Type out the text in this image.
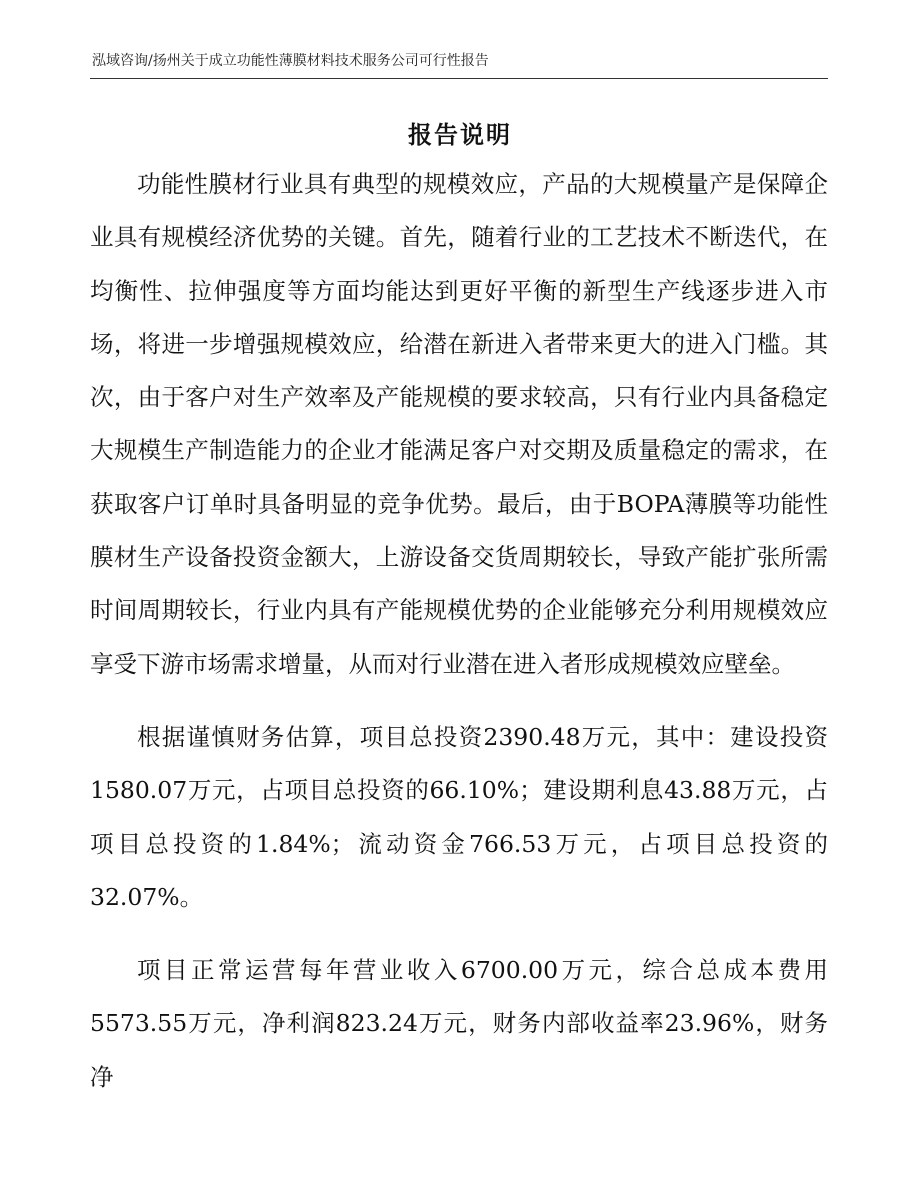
泓域咨询/扬州关于成立功能性薄膜材料技术服务公司可行性报告
报告说明

功能性膜材行业具有典型的规模效应，产品的大规模量产是保障企业具有规模经济优势的关键。首先，随着行业的工艺技术不断迭代，在均衡性、拉伸强度等方面均能达到更好平衡的新型生产线逐步进入市场，将进一步增强规模效应，给潜在新进入者带来更大的进入门槛。其次，由于客户对生产效率及产能规模的要求较高，只有行业内具备稳定大规模生产制造能力的企业才能满足客户对交期及质量稳定的需求，在获取客户订单时具备明显的竞争优势。最后，由于BOPA薄膜等功能性膜材生产设备投资金额大，上游设备交货周期较长，导致产能扩张所需时间周期较长，行业内具有产能规模优势的企业能够充分利用规模效应享受下游市场需求增量，从而对行业潜在进入者形成规模效应壁垒。

根据谨慎财务估算，项目总投资2390.48万元，其中：建设投资1580.07万元，占项目总投资的66.10%；建设期利息43.88万元，占项目总投资的1.84%；流动资金766.53万元，占项目总投资的32.07%。

项目正常运营每年营业收入6700.00万元，综合总成本费用5573.55万元，净利润823.24万元，财务内部收益率23.96%，财务净
